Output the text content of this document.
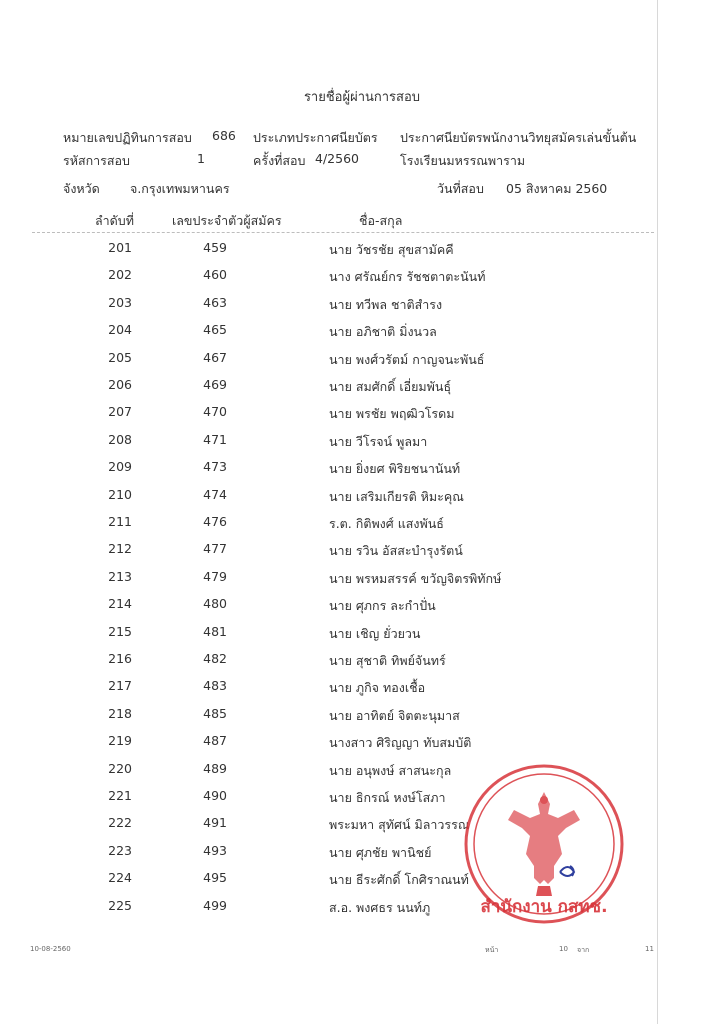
รายชื่อผู้ผ่านการสอบ
หมายเลขปฏิทินการสอบ 686 ประเภทประกาศนียบัตร ประกาศนียบัตรพนักงานวิทยุสมัครเล่นขั้นต้น
รหัสการสอบ	1	ครั้งที่สอบ 4/2560	โรงเรียนมหรรณพาราม
จังหวัด จ.กรุงเทพมหานคร	วันที่สอบ 05 สิงหาคม 2560
ลำดับที่	เลขประจำตัวผู้สมัคร	ชื่อ-สกุล
201	459	นาย วัชรชัย สุขสามัคคี
202	460	นาง ศรัณย์กร รัชชตาตะนันท์
203	463	นาย ทวีพล ชาติสำรง
204	465	นาย อภิชาติ มิ่งนวล
205	467	นาย พงศ์วรัตม์ กาญจนะพันธ์
206	469	นาย สมศักดิ์ เอี่ยมพันธุ์
207	470	นาย พรชัย พฤฒิวโรดม
208	471	นาย วีโรจน์ พูลมา
209	473	นาย ยิ่งยศ พิริยชนานันท์
210	474	นาย เสริมเกียรติ หิมะคุณ
211	476	ร.ต. กิติพงศ์ แสงพันธ์
212	477	นาย รวิน อัสสะบำรุงรัตน์
213	479	นาย พรหมสรรค์ ขวัญจิตรพิทักษ์
214	480	นาย ศุภกร ละกำปั่น
215	481	นาย เชิญ ยั่วยวน
216	482	นาย สุชาติ ทิพย์จันทร์
217	483	นาย ภูกิจ ทองเชื้อ
218	485	นาย อาทิตย์ จิตตะนุมาส
219	487	นางสาว ศิริญญา ทับสมบัติ
220	489	นาย อนุพงษ์ สาสนะกุล
221	490	นาย ธิกรณ์ หงษ์โสภา
222	491	พระมหา สุทัศน์ มิลาวรรณ
223	493	นาย ศุภชัย พานิชย์
224	495	นาย ธีระศักดิ์ โกศิราณนท์
225	499	ส.อ. พงศธร นนท์ภู	สำนักงาน กสทช.
10-08-2560	หน้า	10 จาก	11
